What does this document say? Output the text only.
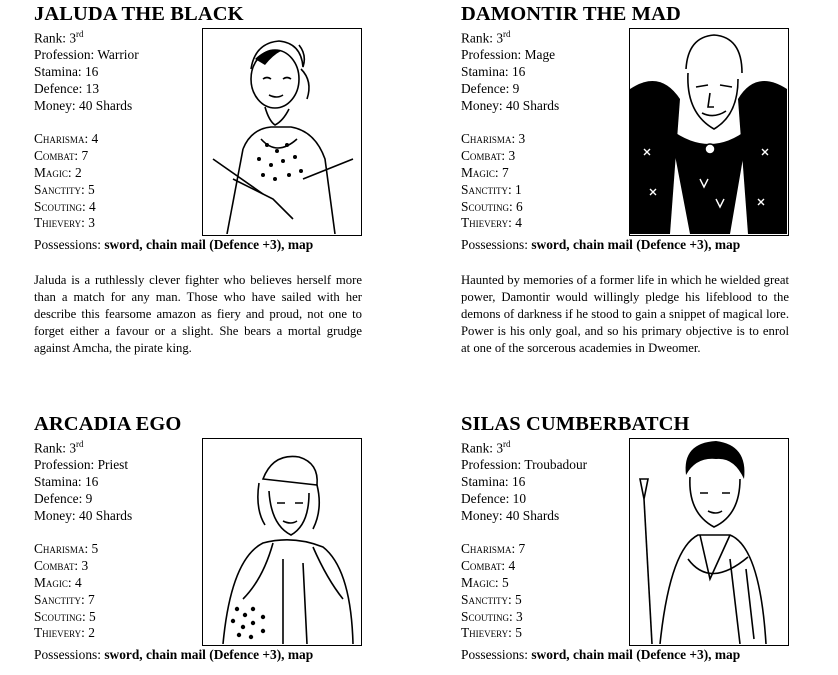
JALUDA THE BLACK
Rank: 3rd
Profession: Warrior
Stamina: 16
Defence: 13
Money: 40 Shards
Charisma: 4
Combat: 7
Magic: 2
Sanctity: 5
Scouting: 4
Thievery: 3
Possessions: sword, chain mail (Defence +3), map
Jaluda is a ruthlessly clever fighter who believes herself more than a match for any man. Those who have sailed with her describe this fearsome amazon as fiery and proud, not one to forget either a favour or a slight. She bears a mortal grudge against Amcha, the pirate king.
DAMONTIR THE MAD
Rank: 3rd
Profession: Mage
Stamina: 16
Defence: 9
Money: 40 Shards
Charisma: 3
Combat: 3
Magic: 7
Sanctity: 1
Scouting: 6
Thievery: 4
Possessions: sword, chain mail (Defence +3), map
Haunted by memories of a former life in which he wielded great power, Damontir would willingly pledge his lifeblood to the demons of darkness if he stood to gain a snippet of magical lore. Power is his only goal, and so his primary objective is to enrol at one of the sorcerous academies in Dweomer.
ARCADIA EGO
Rank: 3rd
Profession: Priest
Stamina: 16
Defence: 9
Money: 40 Shards
Charisma: 5
Combat: 3
Magic: 4
Sanctity: 7
Scouting: 5
Thievery: 2
Possessions: sword, chain mail (Defence +3), map
SILAS CUMBERBATCH
Rank: 3rd
Profession: Troubadour
Stamina: 16
Defence: 10
Money: 40 Shards
Charisma: 7
Combat: 4
Magic: 5
Sanctity: 5
Scouting: 3
Thievery: 5
Possessions: sword, chain mail (Defence +3), map
